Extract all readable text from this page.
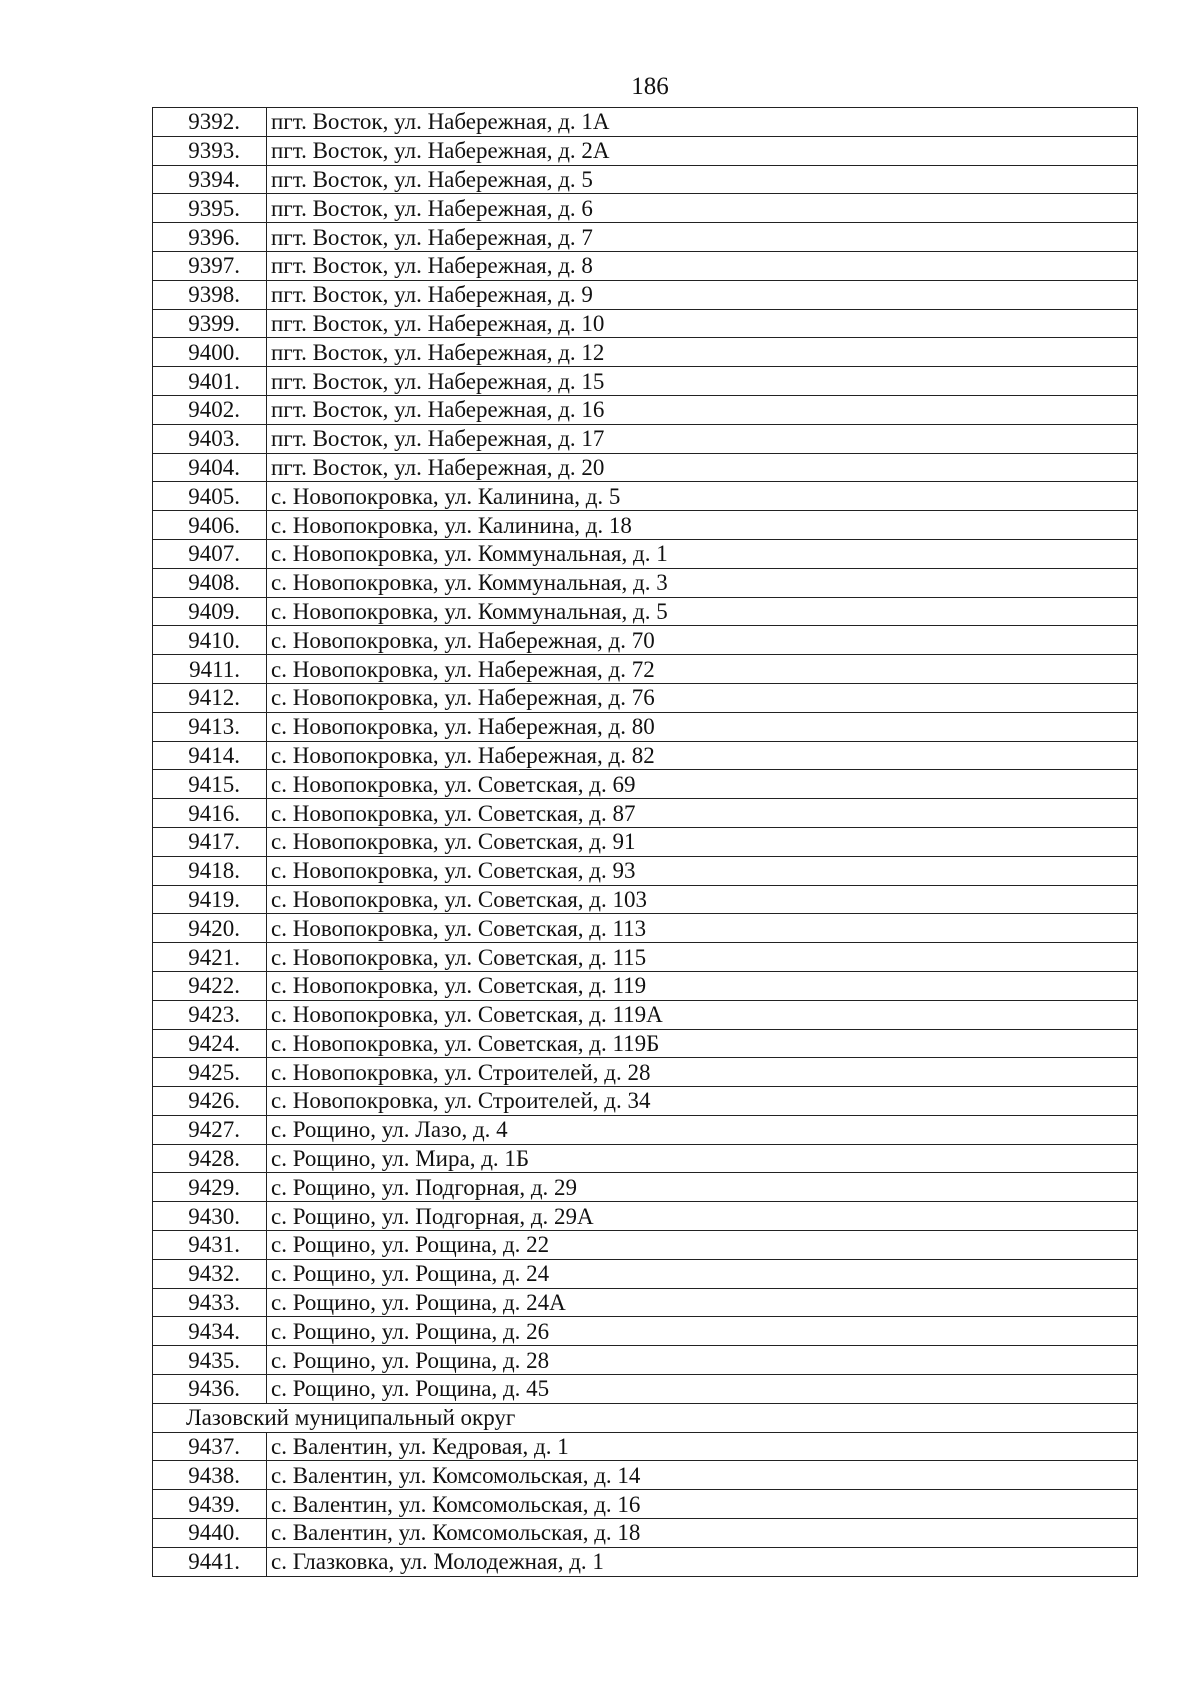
186
9392.	пгт. Восток, ул. Набережная, д. 1А
9393.	пгт. Восток, ул. Набережная, д. 2А
9394.	пгт. Восток, ул. Набережная, д. 5
9395.	пгт. Восток, ул. Набережная, д. 6
9396.	пгт. Восток, ул. Набережная, д. 7
9397.	пгт. Восток, ул. Набережная, д. 8
9398.	пгт. Восток, ул. Набережная, д. 9
9399.	пгт. Восток, ул. Набережная, д. 10
9400.	пгт. Восток, ул. Набережная, д. 12
9401.	пгт. Восток, ул. Набережная, д. 15
9402.	пгт. Восток, ул. Набережная, д. 16
9403.	пгт. Восток, ул. Набережная, д. 17
9404.	пгт. Восток, ул. Набережная, д. 20
9405.	с. Новопокровка, ул. Калинина, д. 5
9406.	с. Новопокровка, ул. Калинина, д. 18
9407.	с. Новопокровка, ул. Коммунальная, д. 1
9408.	с. Новопокровка, ул. Коммунальная, д. 3
9409.	с. Новопокровка, ул. Коммунальная, д. 5
9410.	с. Новопокровка, ул. Набережная, д. 70
9411.	с. Новопокровка, ул. Набережная, д. 72
9412.	с. Новопокровка, ул. Набережная, д. 76
9413.	с. Новопокровка, ул. Набережная, д. 80
9414.	с. Новопокровка, ул. Набережная, д. 82
9415.	с. Новопокровка, ул. Советская, д. 69
9416.	с. Новопокровка, ул. Советская, д. 87
9417.	с. Новопокровка, ул. Советская, д. 91
9418.	с. Новопокровка, ул. Советская, д. 93
9419.	с. Новопокровка, ул. Советская, д. 103
9420.	с. Новопокровка, ул. Советская, д. 113
9421.	с. Новопокровка, ул. Советская, д. 115
9422.	с. Новопокровка, ул. Советская, д. 119
9423.	с. Новопокровка, ул. Советская, д. 119А
9424.	с. Новопокровка, ул. Советская, д. 119Б
9425.	с. Новопокровка, ул. Строителей, д. 28
9426.	с. Новопокровка, ул. Строителей, д. 34
9427.	с. Рощино, ул. Лазо, д. 4
9428.	с. Рощино, ул. Мира, д. 1Б
9429.	с. Рощино, ул. Подгорная, д. 29
9430.	с. Рощино, ул. Подгорная, д. 29А
9431.	с. Рощино, ул. Рощина, д. 22
9432.	с. Рощино, ул. Рощина, д. 24
9433.	с. Рощино, ул. Рощина, д. 24А
9434.	с. Рощино, ул. Рощина, д. 26
9435.	с. Рощино, ул. Рощина, д. 28
9436.	с. Рощино, ул. Рощина, д. 45
Лазовский муниципальный округ	
9437.	с. Валентин, ул. Кедровая, д. 1
9438.	с. Валентин, ул. Комсомольская, д. 14
9439.	с. Валентин, ул. Комсомольская, д. 16
9440.	с. Валентин, ул. Комсомольская, д. 18
9441.	с. Глазковка, ул. Молодежная, д. 1
